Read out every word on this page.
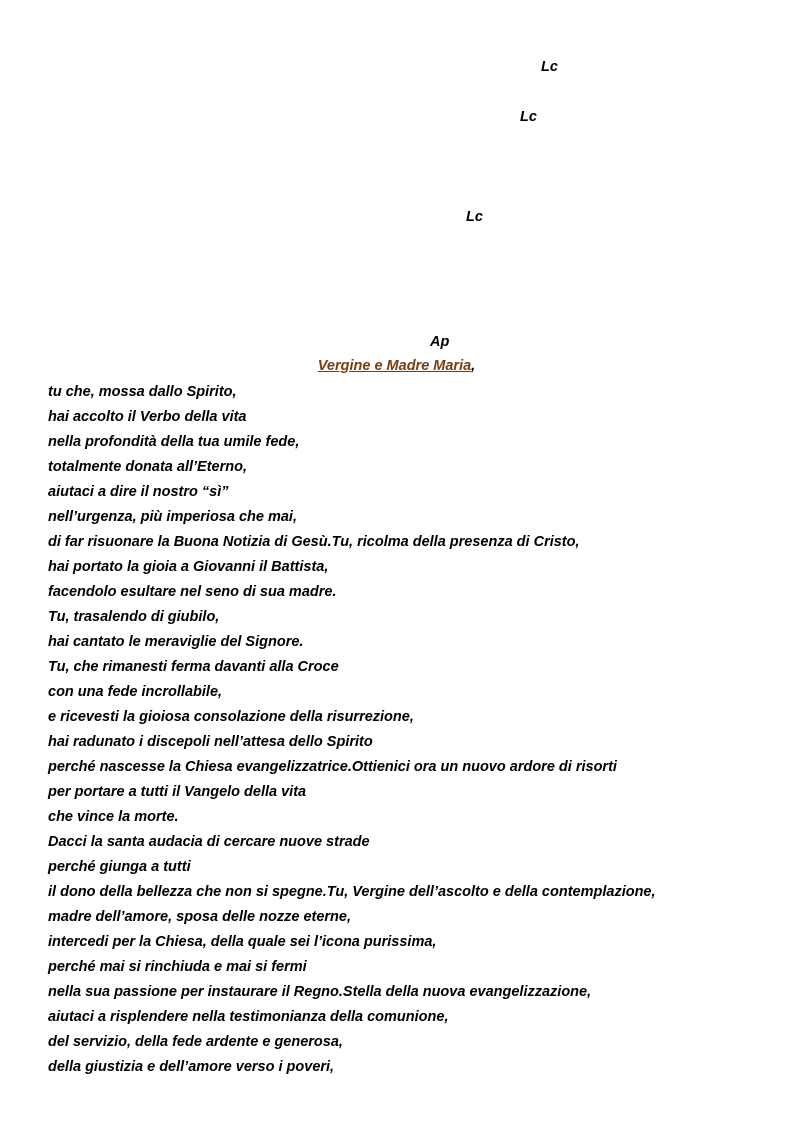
Lc
Lc
Lc
Ap
Vergine e Madre Maria,
tu che, mossa dallo Spirito,
hai accolto il Verbo della vita
nella profondità della tua umile fede,
totalmente donata all’Eterno,
aiutaci a dire il nostro “sì”
nell’urgenza, più imperiosa che mai,
di far risuonare la Buona Notizia di Gesù.Tu, ricolma della presenza di Cristo,
hai portato la gioia a Giovanni il Battista,
facendolo esultare nel seno di sua madre.
Tu, trasalendo di giubilo,
hai cantato le meraviglie del Signore.
Tu, che rimanesti ferma davanti alla Croce
con una fede incrollabile,
e ricevesti la gioiosa consolazione della risurrezione,
hai radunato i discepoli nell’attesa dello Spirito
perché nascesse la Chiesa evangelizzatrice.Ottienici ora un nuovo ardore di risorti
per portare a tutti il Vangelo della vita
che vince la morte.
Dacci la santa audacia di cercare nuove strade
perché giunga a tutti
il dono della bellezza che non si spegne.Tu, Vergine dell’ascolto e della contemplazione,
madre dell’amore, sposa delle nozze eterne,
intercedi per la Chiesa, della quale sei l’icona purissima,
perché mai si rinchiuda e mai si fermi
nella sua passione per instaurare il Regno.Stella della nuova evangelizzazione,
aiutaci a risplendere nella testimonianza della comunione,
del servizio, della fede ardente e generosa,
della giustizia e dell’amore verso i poveri,
